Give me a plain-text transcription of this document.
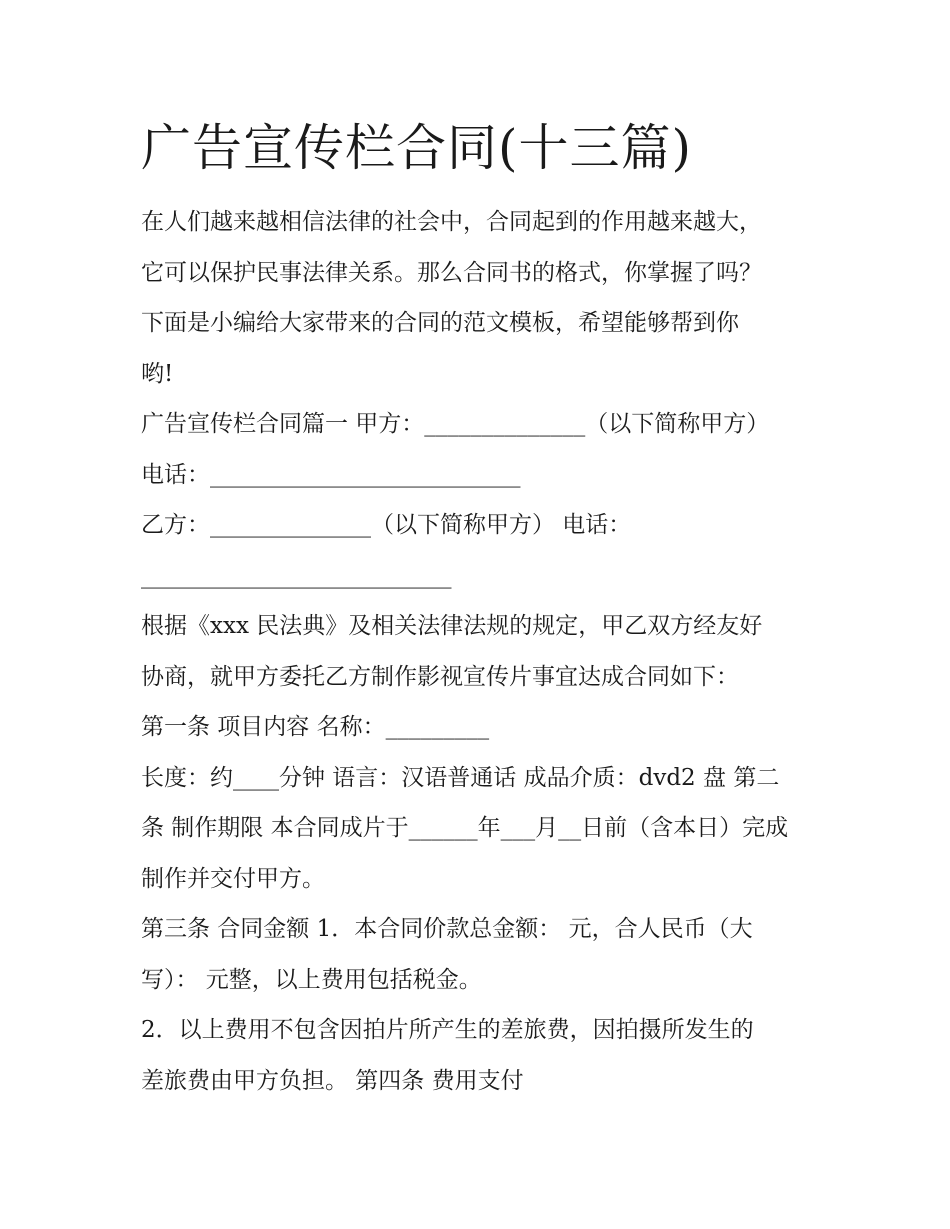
广告宣传栏合同(十三篇)
在人们越来越相信法律的社会中，合同起到的作用越来越大，
它可以保护民事法律关系。那么合同书的格式，你掌握了吗？
下面是小编给大家带来的合同的范文模板，希望能够帮到你
哟!
广告宣传栏合同篇一 甲方：______________（以下简称甲方）
电话：___________________________
乙方：______________（以下简称甲方） 电话：
___________________________
根据《xxx 民法典》及相关法律法规的规定，甲乙双方经友好
协商，就甲方委托乙方制作影视宣传片事宜达成合同如下：
第一条 项目内容 名称：_________
长度：约____分钟 语言：汉语普通话 成品介质：dvd2 盘 第二
条 制作期限 本合同成片于______年___月__日前（含本日）完成
制作并交付甲方。
第三条 合同金额 1．本合同价款总金额： 元，合人民币（大
写）： 元整，以上费用包括税金。
2．以上费用不包含因拍片所产生的差旅费，因拍摄所发生的
差旅费由甲方负担。 第四条 费用支付
